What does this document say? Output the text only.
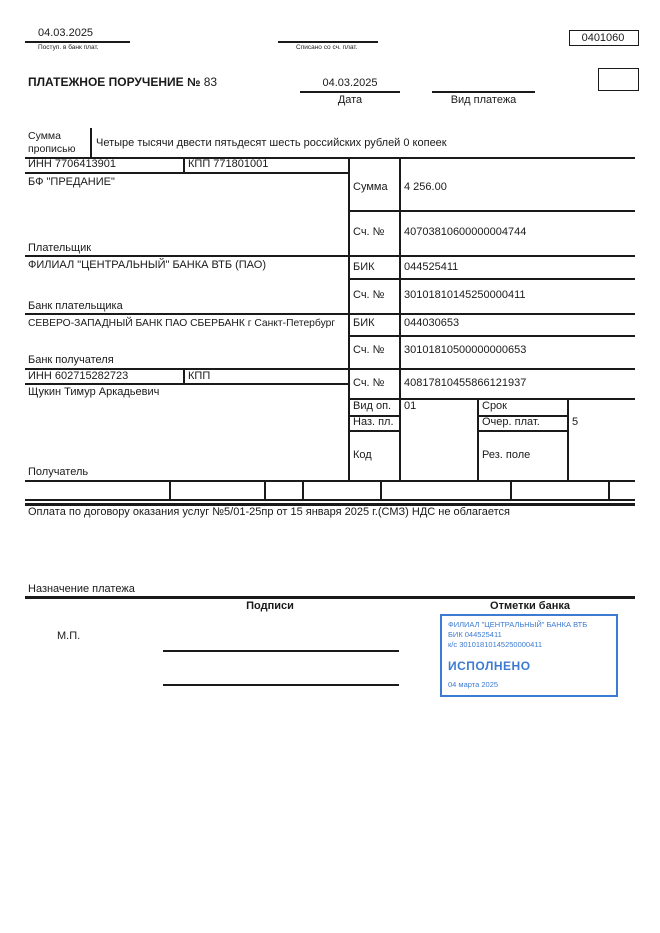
04.03.2025
Поступ. в банк плат.	Списано со сч. плат.
0401060
ПЛАТЕЖНОЕ ПОРУЧЕНИЕ № 83	04.03.2025
Дата	Вид платежа
Сумма прописью	Четыре тысячи двести пятьдесят шесть российских рублей 0 копеек
ИНН 7706413901	КПП 771801001
БФ "ПРЕДАНИЕ"
Плательщик
Сумма 4 256.00
Сч. № 40703810600000004744
ФИЛИАЛ "ЦЕНТРАЛЬНЫЙ" БАНКА ВТБ (ПАО)
Банк плательщика
БИК	044525411
Сч. № 30101810145250000411
СЕВЕРО-ЗАПАДНЫЙ БАНК ПАО СБЕРБАНК г Санкт-Петербург
Банк получателя
БИК	044030653
Сч. № 30101810500000000653
ИНН 602715282723	КПП
Щукин Тимур Аркадьевич
Получатель
Сч. № 40817810455866121937
Вид оп. 01	Срок
Наз. пл.	Очер. плат.	5
Код	Рез. поле
Оплата по договору оказания услуг №5/01-25пр от 15 января 2025 г.(СМЗ) НДС не облагается
Назначение платежа
Подписи	Отметки банка
М.П.
ФИЛИАЛ "ЦЕНТРАЛЬНЫЙ" БАНКА ВТБ
БИК 044525411
к/с 30101810145250000411
ИСПОЛНЕНО
04 марта 2025
